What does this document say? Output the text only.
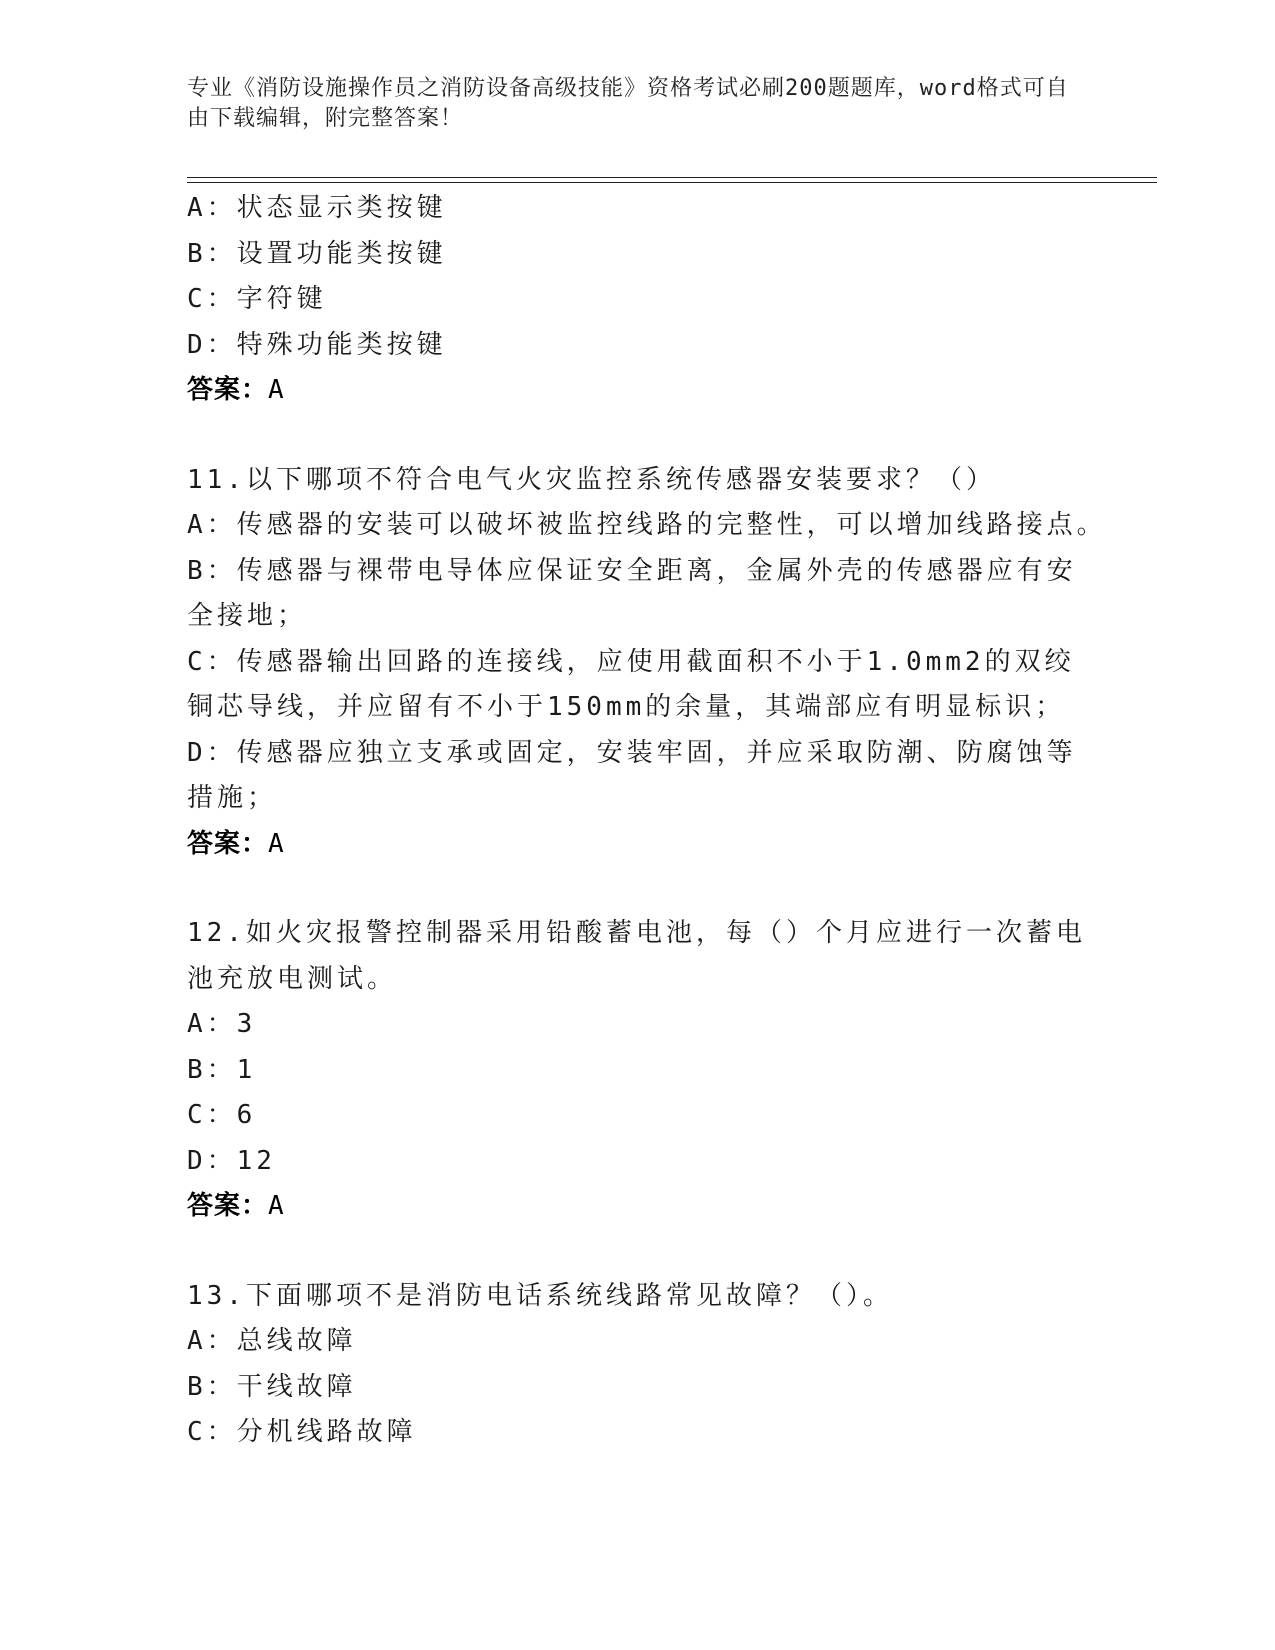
专业《消防设施操作员之消防设备高级技能》资格考试必刷200题题库，word格式可自由下载编辑，附完整答案！
A：状态显示类按键
B：设置功能类按键
C：字符键
D：特殊功能类按键
答案：A
11.以下哪项不符合电气火灾监控系统传感器安装要求？（）
A：传感器的安装可以破坏被监控线路的完整性，可以增加线路接点。
B：传感器与裸带电导体应保证安全距离，金属外壳的传感器应有安全接地；
C：传感器输出回路的连接线，应使用截面积不小于1.0mm2的双绞铜芯导线，并应留有不小于150mm的余量，其端部应有明显标识；
D：传感器应独立支承或固定，安装牢固，并应采取防潮、防腐蚀等措施；
答案：A
12.如火灾报警控制器采用铅酸蓄电池，每（）个月应进行一次蓄电池充放电测试。
A：3
B：1
C：6
D：12
答案：A
13.下面哪项不是消防电话系统线路常见故障？（）。
A：总线故障
B：干线故障
C：分机线路故障
